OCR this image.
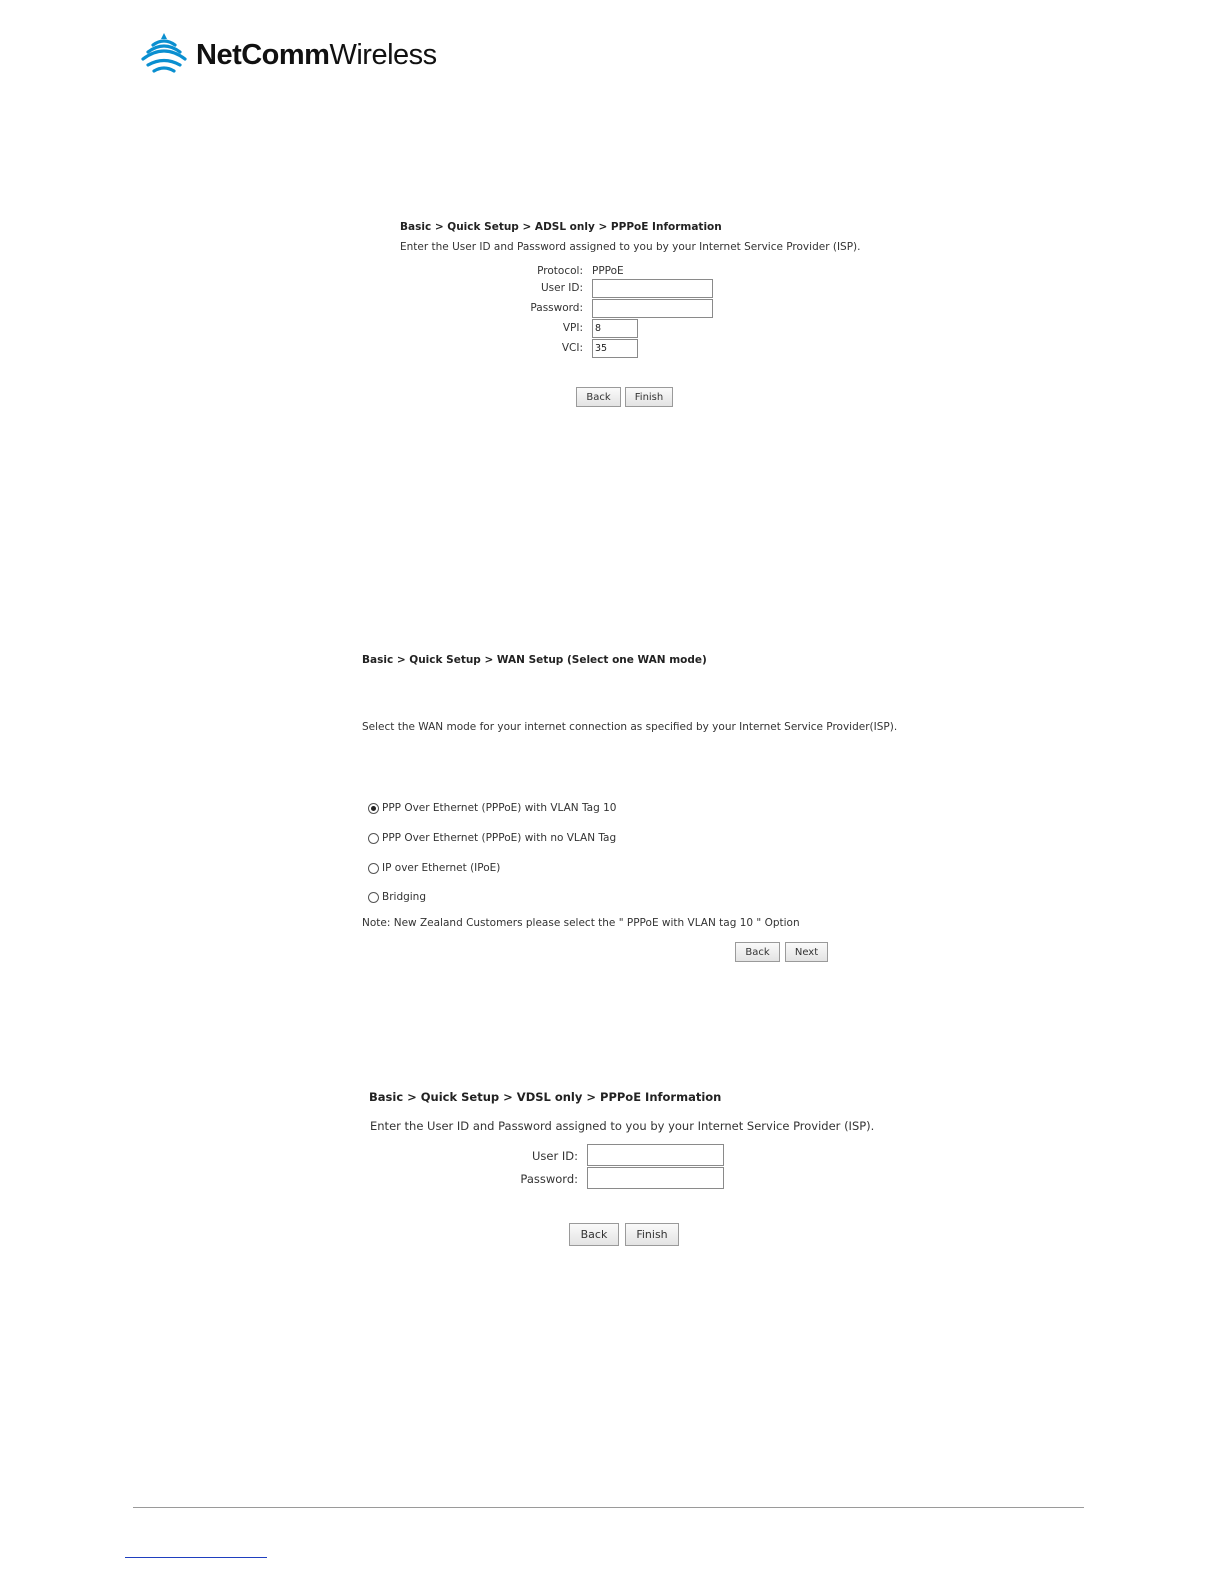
NetCommWireless
Basic > Quick Setup > ADSL only > PPPoE Information
Enter the User ID and Password assigned to you by your Internet Service Provider (ISP).
Protocol: PPPoE
User ID:
Password:
VPI:
8
VCI:
35
Back	Finish
Basic > Quick Setup > WAN Setup (Select one WAN mode)
Select the WAN mode for your internet connection as specified by your Internet Service Provider(ISP).
PPP Over Ethernet (PPPoE) with VLAN Tag 10
PPP Over Ethernet (PPPoE) with no VLAN Tag
IP over Ethernet (IPoE)
Bridging
Note: New Zealand Customers please select the " PPPoE with VLAN tag 10 " Option
Back	Next
Basic > Quick Setup > VDSL only > PPPoE Information
Enter the User ID and Password assigned to you by your Internet Service Provider (ISP).
User ID:
Password:
Back	Finish
